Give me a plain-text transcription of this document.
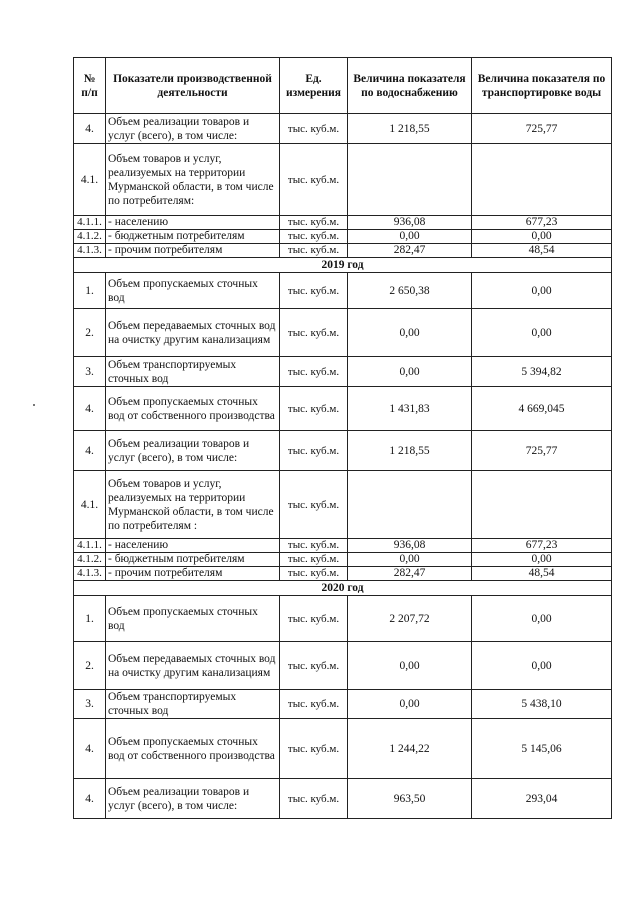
№
п/п	Показатели производственной деятельности	Ед. измерения	Величина показателя по водоснабжению	Величина показателя по транспортировке воды
4.	Объем реализации товаров и услуг (всего), в том числе:	тыс. куб.м.	1 218,55	725,77
4.1.	Объем товаров и услуг, реализуемых на территории Мурманской области, в том числе по потребителям:	тыс. куб.м.		
4.1.1.	- населению	тыс. куб.м.	936,08	677,23
4.1.2.	- бюджетным потребителям	тыс. куб.м.	0,00	0,00
4.1.3.	- прочим потребителям	тыс. куб.м.	282,47	48,54
2019 год				
1.	Объем пропускаемых сточных вод	тыс. куб.м.	2 650,38	0,00
2.	Объем передаваемых сточных вод на очистку другим канализациям	тыс. куб.м.	0,00	0,00
3.	Объем транспортируемых сточных вод	тыс. куб.м.	0,00	5 394,82
4.	Объем пропускаемых сточных вод от собственного производства	тыс. куб.м.	1 431,83	4 669,045
4.	Объем реализации товаров и услуг (всего), в том числе:	тыс. куб.м.	1 218,55	725,77
4.1.	Объем товаров и услуг, реализуемых на территории Мурманской области, в том числе по потребителям :	тыс. куб.м.		
4.1.1.	- населению	тыс. куб.м.	936,08	677,23
4.1.2.	- бюджетным потребителям	тыс. куб.м.	0,00	0,00
4.1.3.	- прочим потребителям	тыс. куб.м.	282,47	48,54
2020 год				
1.	Объем пропускаемых сточных вод	тыс. куб.м.	2 207,72	0,00
2.	Объем передаваемых сточных вод на очистку другим канализациям	тыс. куб.м.	0,00	0,00
3.	Объем транспортируемых сточных вод	тыс. куб.м.	0,00	5 438,10
4.	Объем пропускаемых сточных вод от собственного производства	тыс. куб.м.	1 244,22	5 145,06
4.	Объем реализации товаров и услуг (всего), в том числе:	тыс. куб.м.	963,50	293,04
